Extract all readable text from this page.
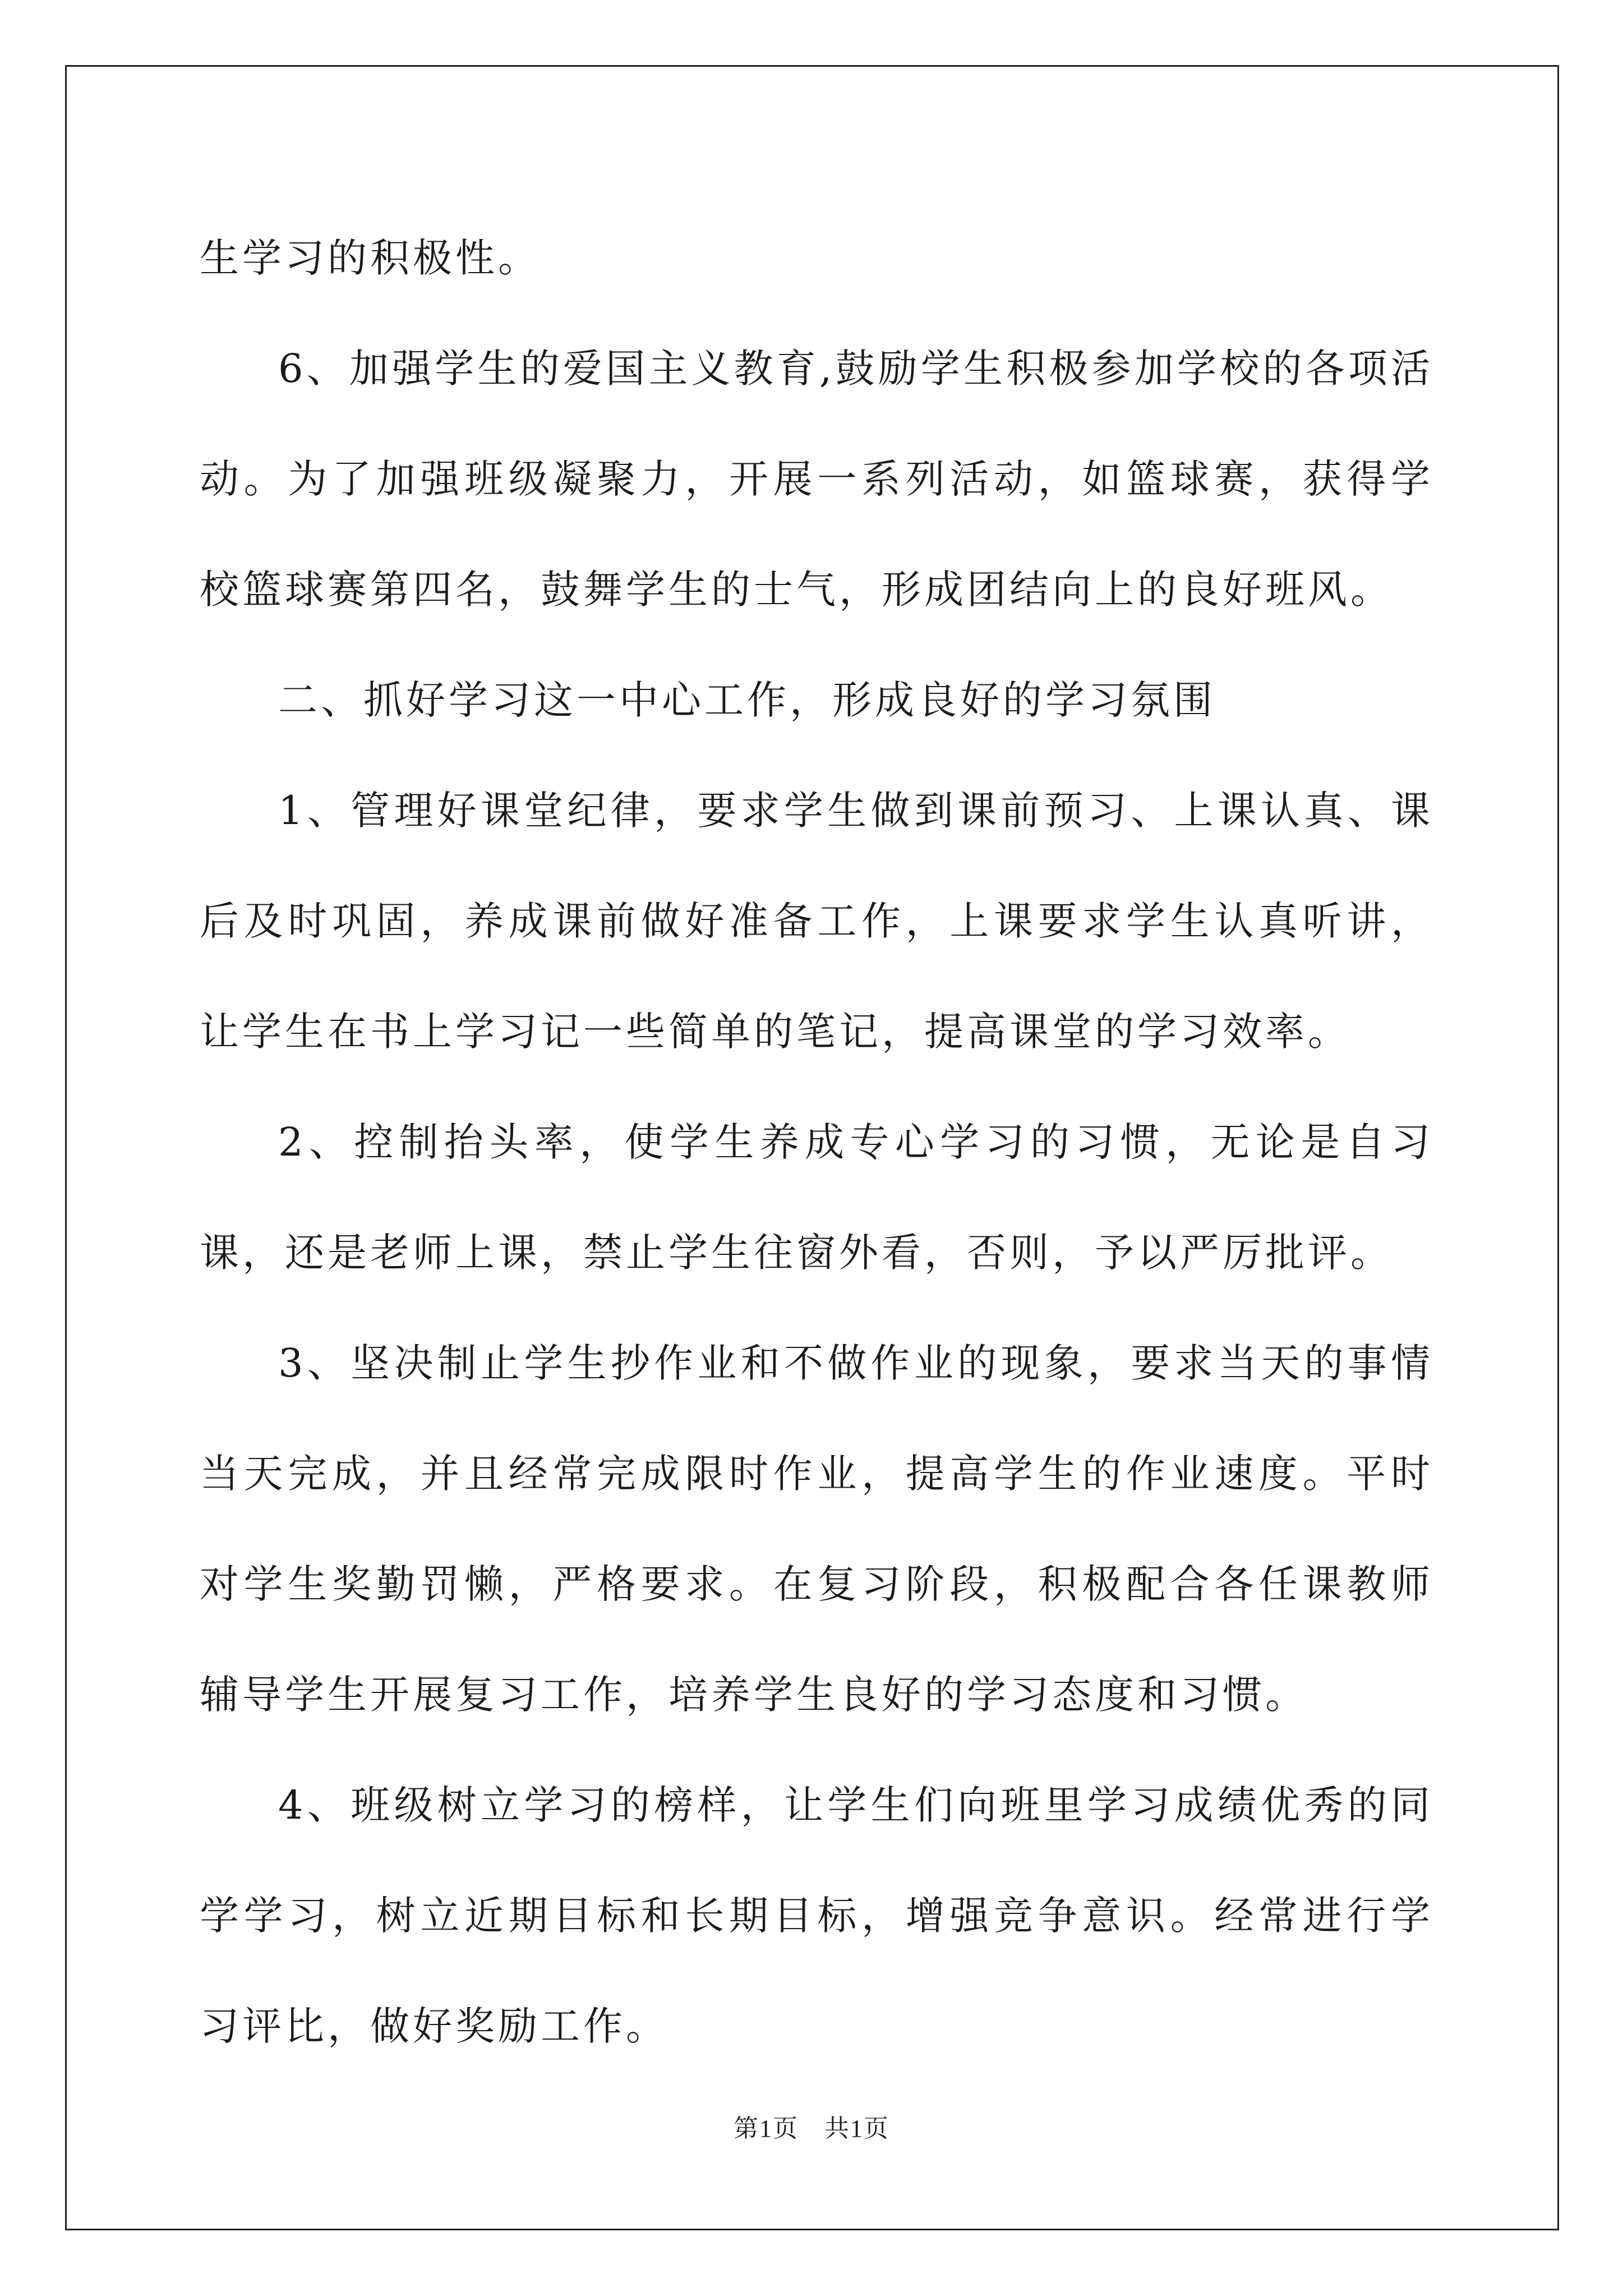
生学习的积极性。

6、加强学生的爱国主义教育,鼓励学生积极参加学校的各项活动。为了加强班级凝聚力，开展一系列活动，如篮球赛，获得学校篮球赛第四名，鼓舞学生的士气，形成团结向上的良好班风。

二、抓好学习这一中心工作，形成良好的学习氛围

1、管理好课堂纪律，要求学生做到课前预习、上课认真、课后及时巩固，养成课前做好准备工作，上课要求学生认真听讲，让学生在书上学习记一些简单的笔记，提高课堂的学习效率。

2、控制抬头率，使学生养成专心学习的习惯，无论是自习课，还是老师上课，禁止学生往窗外看，否则，予以严厉批评。

3、坚决制止学生抄作业和不做作业的现象，要求当天的事情当天完成，并且经常完成限时作业，提高学生的作业速度。平时对学生奖勤罚懒，严格要求。在复习阶段，积极配合各任课教师辅导学生开展复习工作，培养学生良好的学习态度和习惯。

4、班级树立学习的榜样，让学生们向班里学习成绩优秀的同学学习，树立近期目标和长期目标，增强竞争意识。经常进行学习评比，做好奖励工作。

第1页　共1页
